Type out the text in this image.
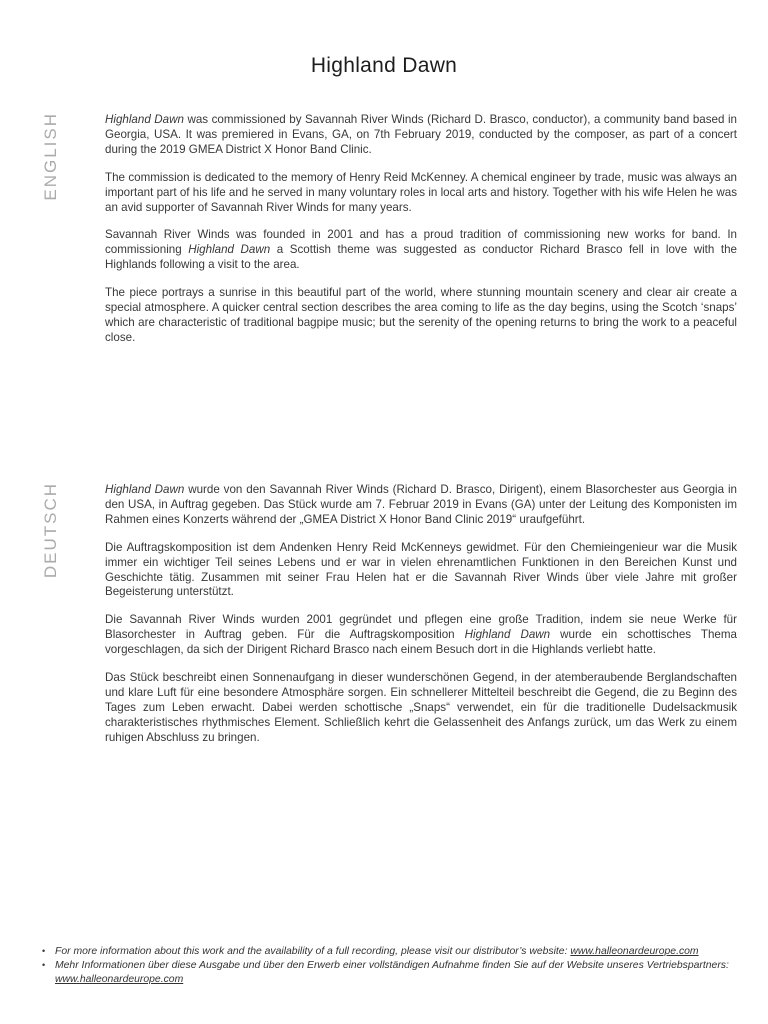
Highland Dawn
ENGLISH	Highland Dawn was commissioned by Savannah River Winds (Richard D. Brasco, conductor), a community band based in Georgia, USA. It was premiered in Evans, GA, on 7th February 2019, conducted by the composer, as part of a concert during the 2019 GMEA District X Honor Band Clinic.

The commission is dedicated to the memory of Henry Reid McKenney. A chemical engineer by trade, music was always an important part of his life and he served in many voluntary roles in local arts and history. Together with his wife Helen he was an avid supporter of Savannah River Winds for many years.

Savannah River Winds was founded in 2001 and has a proud tradition of commissioning new works for band. In commissioning Highland Dawn a Scottish theme was suggested as conductor Richard Brasco fell in love with the Highlands following a visit to the area.

The piece portrays a sunrise in this beautiful part of the world, where stunning mountain scenery and clear air create a special atmosphere. A quicker central section describes the area coming to life as the day begins, using the Scotch ‘snaps’ which are characteristic of traditional bagpipe music; but the serenity of the opening returns to bring the work to a peaceful close.

DEUTSCH	Highland Dawn wurde von den Savannah River Winds (Richard D. Brasco, Dirigent), einem Blasorchester aus Georgia in den USA, in Auftrag gegeben. Das Stück wurde am 7. Februar 2019 in Evans (GA) unter der Leitung des Komponisten im Rahmen eines Konzerts während der „GMEA District X Honor Band Clinic 2019“ uraufgeführt.

Die Auftragskomposition ist dem Andenken Henry Reid McKenneys gewidmet. Für den Chemieingenieur war die Musik immer ein wichtiger Teil seines Lebens und er war in vielen ehrenamtlichen Funktionen in den Bereichen Kunst und Geschichte tätig. Zusammen mit seiner Frau Helen hat er die Savannah River Winds über viele Jahre mit großer Begeisterung unterstützt.

Die Savannah River Winds wurden 2001 gegründet und pflegen eine große Tradition, indem sie neue Werke für Blasorchester in Auftrag geben. Für die Auftragskomposition Highland Dawn wurde ein schottisches Thema vorgeschlagen, da sich der Dirigent Richard Brasco nach einem Besuch dort in die Highlands verliebt hatte.

Das Stück beschreibt einen Sonnenaufgang in dieser wunderschönen Gegend, in der atemberaubende Berglandschaften und klare Luft für eine besondere Atmosphäre sorgen. Ein schnellerer Mittelteil beschreibt die Gegend, die zu Beginn des Tages zum Leben erwacht. Dabei werden schottische „Snaps“ verwendet, ein für die traditionelle Dudelsackmusik charakteristisches rhythmisches Element. Schließlich kehrt die Gelassenheit des Anfangs zurück, um das Werk zu einem ruhigen Abschluss zu bringen.

• For more information about this work and the availability of a full recording, please visit our distributor’s website: www.halleonardeurope.com
• Mehr Informationen über diese Ausgabe und über den Erwerb einer vollständigen Aufnahme finden Sie auf der Website unseres Vertriebspartners: www.halleonardeurope.com
